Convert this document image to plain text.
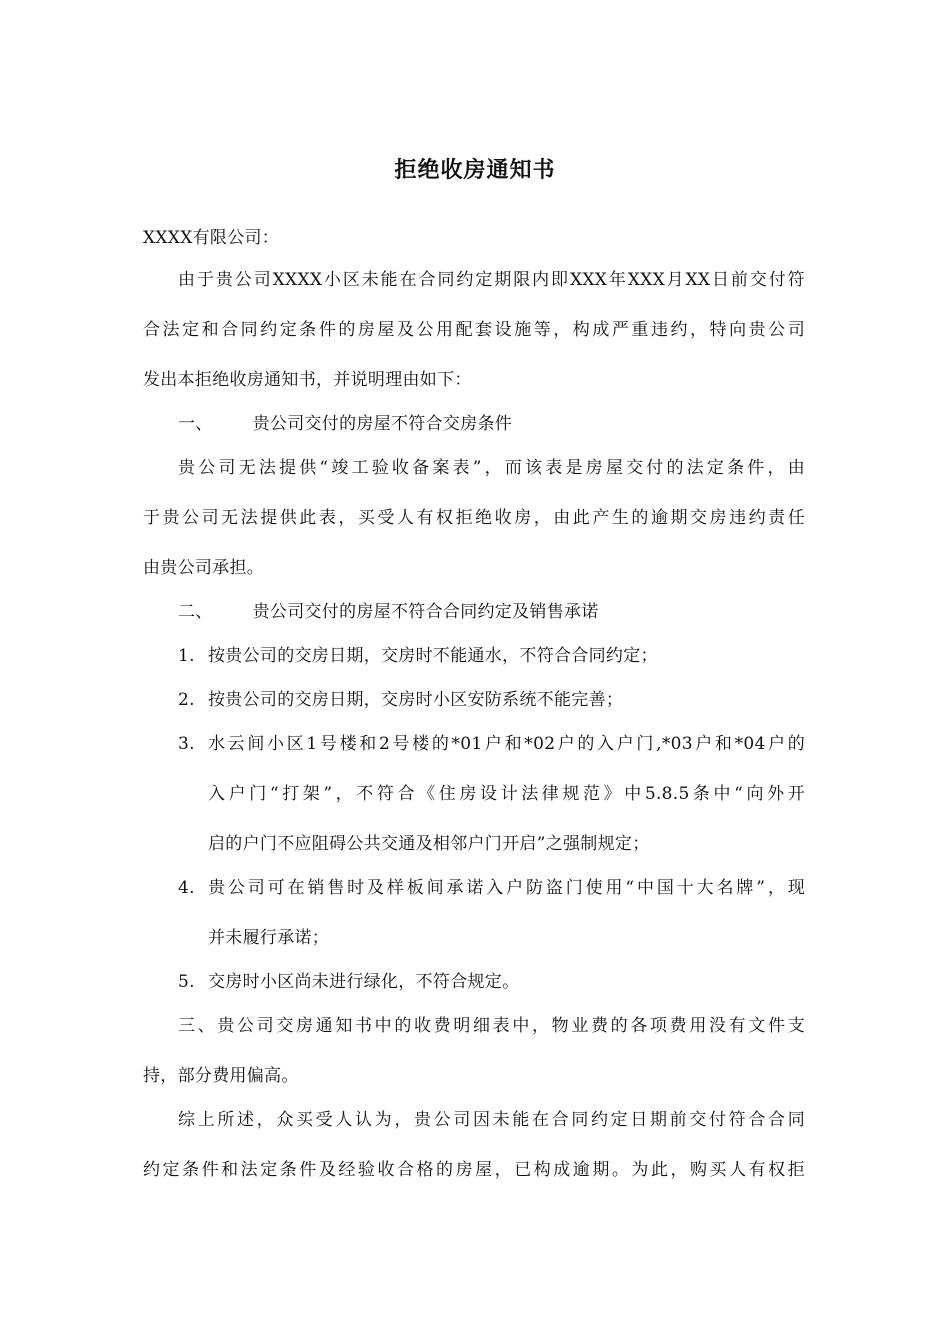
拒绝收房通知书
XXXX有限公司：
由于贵公司XXXX小区未能在合同约定期限内即XXX年XXX月XX日前交付符
合法定和合同约定条件的房屋及公用配套设施等，构成严重违约，特向贵公司
发出本拒绝收房通知书，并说明理由如下：
一、 贵公司交付的房屋不符合交房条件
贵公司无法提供“竣工验收备案表”，而该表是房屋交付的法定条件，由
于贵公司无法提供此表，买受人有权拒绝收房，由此产生的逾期交房违约责任
由贵公司承担。
二、 贵公司交付的房屋不符合合同约定及销售承诺
1. 按贵公司的交房日期，交房时不能通水，不符合合同约定；
2. 按贵公司的交房日期，交房时小区安防系统不能完善；
3. 水云间小区1号楼和2号楼的*01户和*02户的入户门,*03户和*04户的
入户门“打架”，不符合《住房设计法律规范》中5.8.5条中“向外开
启的户门不应阻碍公共交通及相邻户门开启”之强制规定；
4. 贵公司可在销售时及样板间承诺入户防盗门使用“中国十大名牌”，现
并未履行承诺；
5. 交房时小区尚未进行绿化，不符合规定。
三、贵公司交房通知书中的收费明细表中，物业费的各项费用没有文件支
持，部分费用偏高。
综上所述，众买受人认为，贵公司因未能在合同约定日期前交付符合合同
约定条件和法定条件及经验收合格的房屋，已构成逾期。为此，购买人有权拒
